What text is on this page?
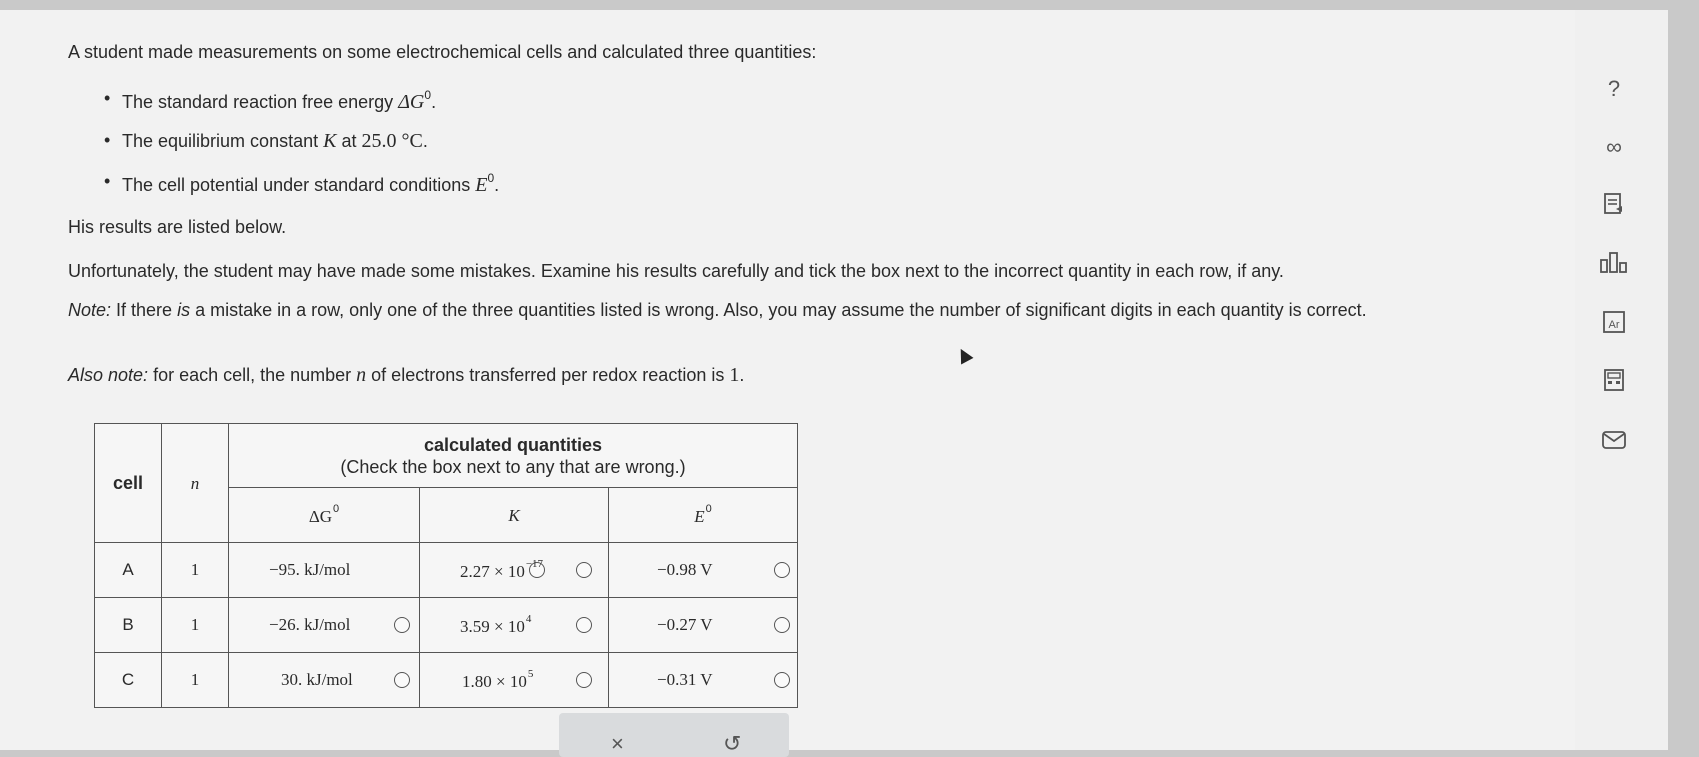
A student made measurements on some electrochemical cells and calculated three quantities:
• The standard reaction free energy $\Delta G^0$.
• The equilibrium constant K at 25.0 °C.
• The cell potential under standard conditions $E^0$.
His results are listed below.
Unfortunately, the student may have made some mistakes. Examine his results carefully and tick the box next to the incorrect quantity in each row, if any.
Note: If there is a mistake in a row, only one of the three quantities listed is wrong. Also, you may assume the number of significant digits in each quantity is correct.
Also note: for each cell, the number n of electrons transferred per redox reaction is 1.
cell	n	calculated quantities
(Check the box next to any that are wrong.)		

		$\Delta G^0$	K	$E^0$
A	1	−95. kJ/mol	$2.27 \times 10^{-17}$	−0.98 V

B	1	−26. kJ/mol	$3.59 \times 10^4$	−0.27 V

C	1	30. kJ/mol	$1.80 \times 10^5$	−0.31 V
×	↺
?
∞
Ar
